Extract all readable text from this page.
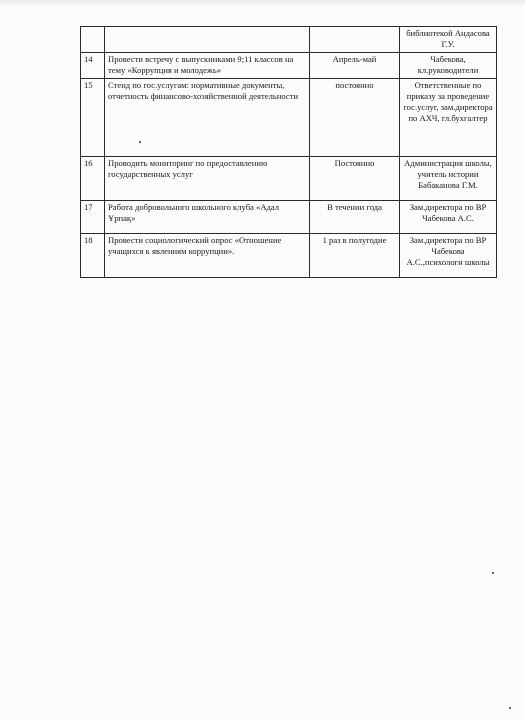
			библиотекой Андасова Г.У.
14	Провести встречу с выпускниками 9;11 классов на тему «Коррупция и молодежь»	Апрель-май	Чабекова, кл.руководители
15	Стенд по гос.услугам: нормативные документы, отчетность финансово-хозяйственной деятельности	постоянно	Ответственные по приказу за проведение гос.услуг, зам.директора по АХЧ, гл.бухгалтер
16	Проводить мониторинг по предоставлению государственных услуг	Постоянно	Администрация школы, учитель истории Бабаканова Г.М.
17	Работа добровольного школьного клуба «Адал Ұрпақ»	В течении года	Зам.директора по ВР Чабекова А.С.
18	Провести социологический опрос «Отношение учащихся к явлениям коррупции».	1 раз в полугодие	Зам.директора по ВР Чабекова А.С.,психологи школы
